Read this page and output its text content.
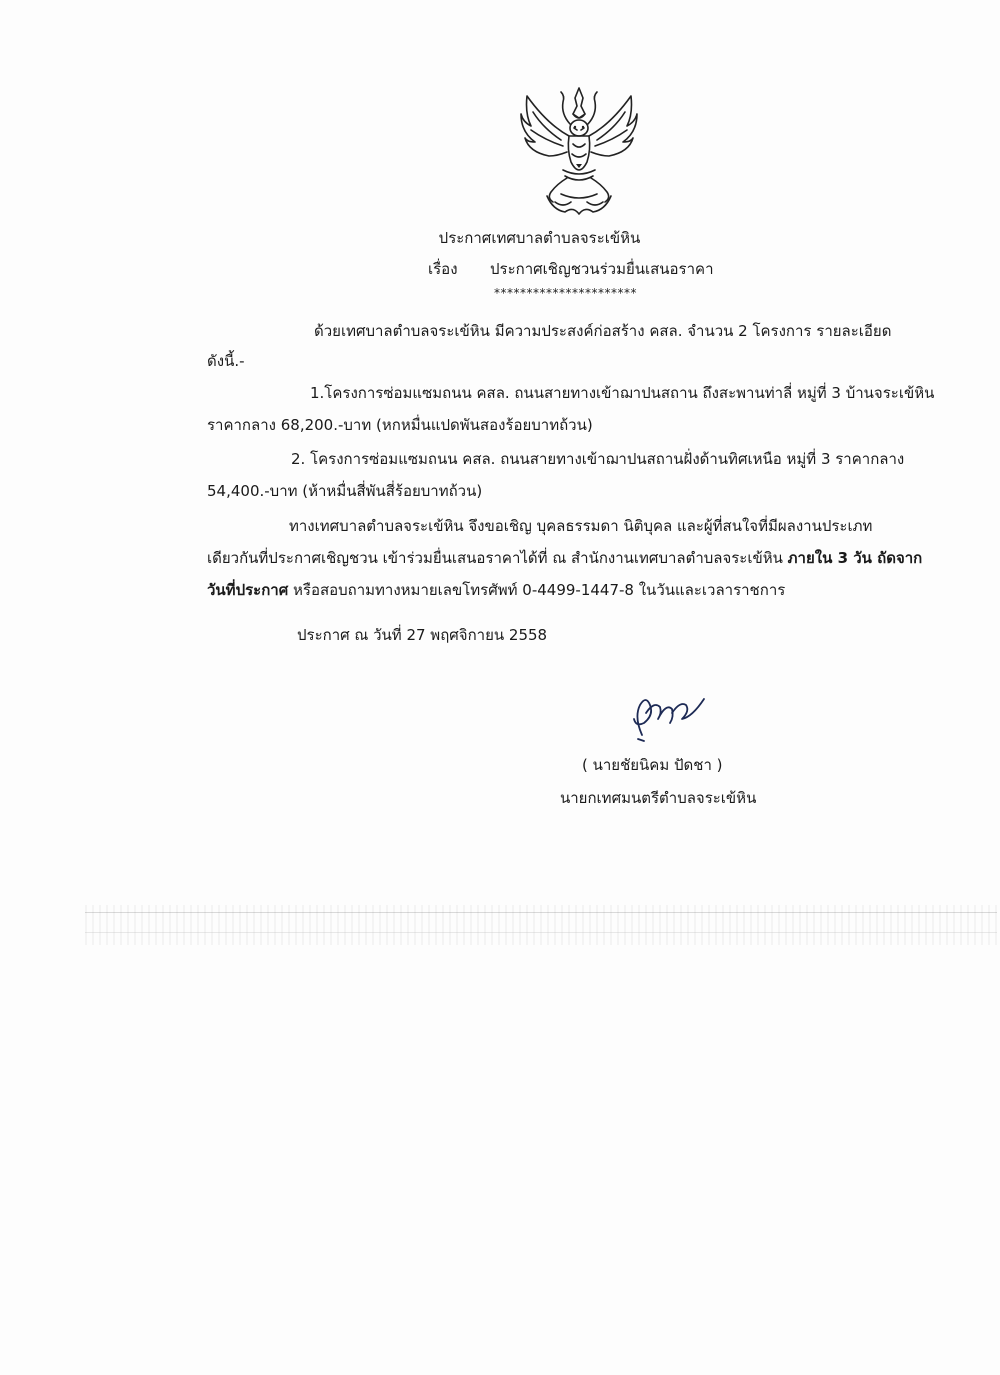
ประกาศเทศบาลตำบลจระเข้หิน
เรื่อง ประกาศเชิญชวนร่วมยื่นเสนอราคา
**********************
ด้วยเทศบาลตำบลจระเข้หิน มีความประสงค์ก่อสร้าง คสล. จำนวน 2 โครงการ รายละเอียด
ดังนี้.-
1.โครงการซ่อมแซมถนน คสล. ถนนสายทางเข้าฌาปนสถาน ถึงสะพานท่าลี่ หมู่ที่ 3 บ้านจระเข้หิน
ราคากลาง 68,200.-บาท (หกหมื่นแปดพันสองร้อยบาทถ้วน)
2. โครงการซ่อมแซมถนน คสล. ถนนสายทางเข้าฌาปนสถานฝั่งด้านทิศเหนือ หมู่ที่ 3 ราคากลาง
54,400.-บาท (ห้าหมื่นสี่พันสี่ร้อยบาทถ้วน)
ทางเทศบาลตำบลจระเข้หิน จึงขอเชิญ บุคลธรรมดา นิติบุคล และผู้ที่สนใจที่มีผลงานประเภท
เดียวกันที่ประกาศเชิญชวน เข้าร่วมยื่นเสนอราคาได้ที่ ณ สำนักงานเทศบาลตำบลจระเข้หิน ภายใน 3 วัน ถัดจาก
วันที่ประกาศ หรือสอบถามทางหมายเลขโทรศัพท์ 0-4499-1447-8 ในวันและเวลาราชการ
ประกาศ ณ วันที่ 27 พฤศจิกายน 2558
( นายชัยนิคม ปัดชา )
นายกเทศมนตรีตำบลจระเข้หิน
